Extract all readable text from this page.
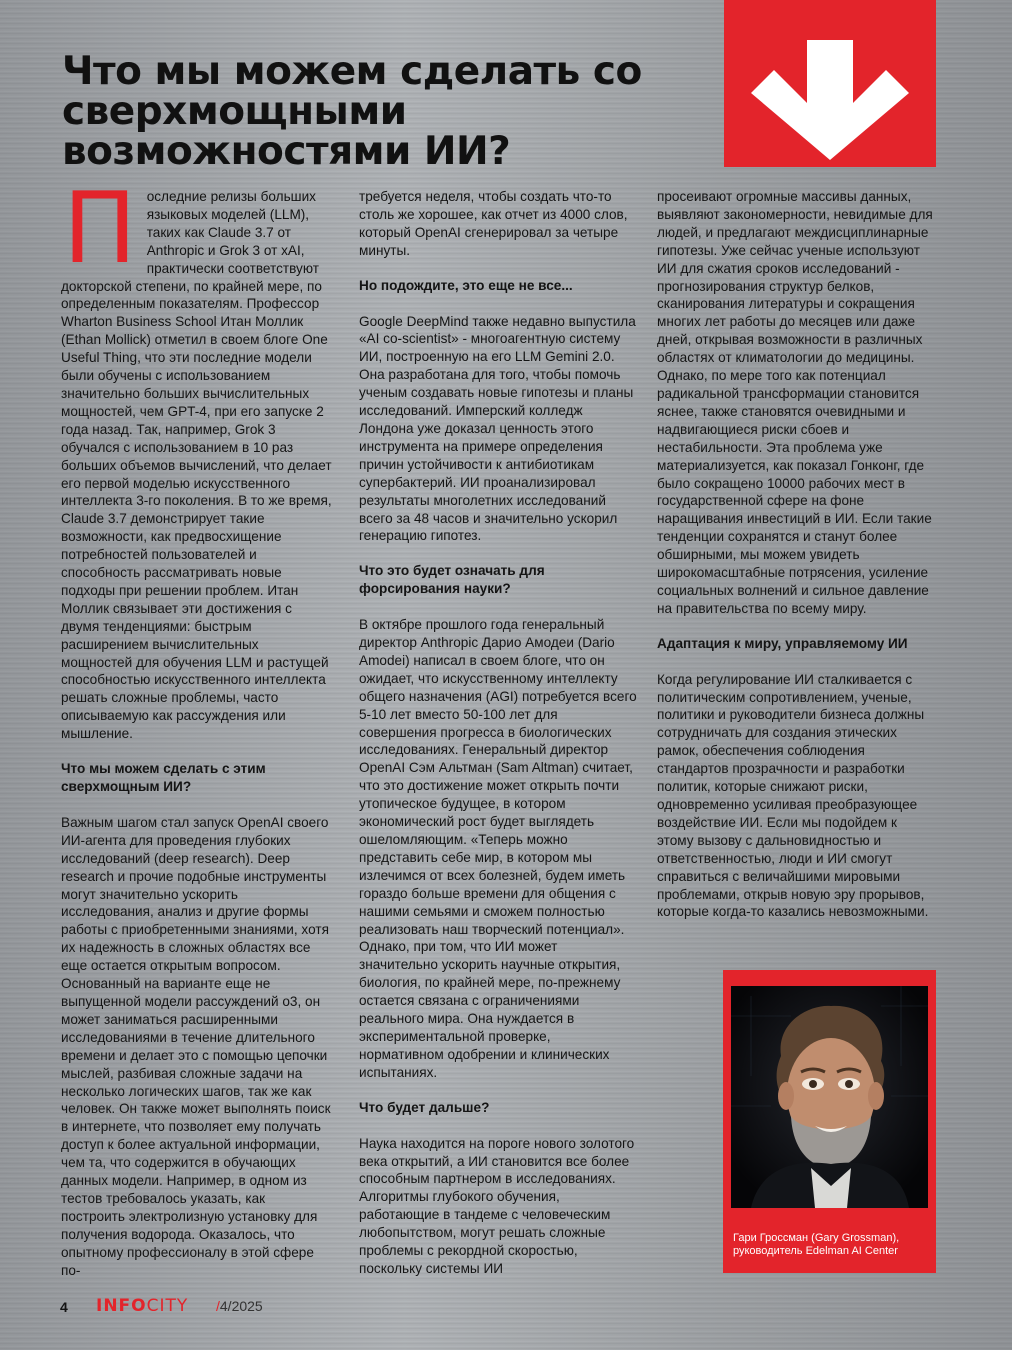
Что мы можем сделать со сверхмощными возможностями ИИ?

Последние релизы больших языковых моделей (LLM), таких как Claude 3.7 от Anthropic и Grok 3 от xAI, практически соответствуют докторской степени, по крайней мере, по определенным показателям. Профессор Wharton Business School Итан Моллик (Ethan Mollick) отметил в своем блоге One Useful Thing, что эти последние модели были обучены с использованием значительно больших вычислительных мощностей, чем GPT-4, при его запуске 2 года назад. Так, например, Grok 3 обучался с использованием в 10 раз больших объемов вычислений, что делает его первой моделью искусственного интеллекта 3-го поколения. В то же время, Claude 3.7 демонстрирует такие возможности, как предвосхищение потребностей пользователей и способность рассматривать новые подходы при решении проблем. Итан Моллик связывает эти достижения с двумя тенденциями: быстрым расширением вычислительных мощностей для обучения LLM и растущей способностью искусственного интеллекта решать сложные проблемы, часто описываемую как рассуждения или мышление.

Что мы можем сделать с этим сверхмощным ИИ?

Важным шагом стал запуск OpenAI своего ИИ-агента для проведения глубоких исследований (deep research). Deep research и прочие подобные инструменты могут значительно ускорить исследования, анализ и другие формы работы с приобретенными знаниями, хотя их надежность в сложных областях все еще остается открытым вопросом. Основанный на варианте еще не выпущенной модели рассуждений o3, он может заниматься расширенными исследованиями в течение длительного времени и делает это с помощью цепочки мыслей, разбивая сложные задачи на несколько логических шагов, так же как человек. Он также может выполнять поиск в интернете, что позволяет ему получать доступ к более актуальной информации, чем та, что содержится в обучающих данных модели. Например, в одном из тестов требовалось указать, как построить электролизную установку для получения водорода. Оказалось, что опытному профессионалу в этой сфере по-

требуется неделя, чтобы создать что-то столь же хорошее, как отчет из 4000 слов, который OpenAI сгенерировал за четыре минуты.

Но подождите, это еще не все...

Google DeepMind также недавно выпустила «AI co-scientist» - многоагентную систему ИИ, построенную на его LLM Gemini 2.0. Она разработана для того, чтобы помочь ученым создавать новые гипотезы и планы исследований. Имперский колледж Лондона уже доказал ценность этого инструмента на примере определения причин устойчивости к антибиотикам супербактерий. ИИ проанализировал результаты многолетних исследований всего за 48 часов и значительно ускорил генерацию гипотез.

Что это будет означать для форсирования науки?

В октябре прошлого года генеральный директор Anthropic Дарио Амодеи (Dario Amodei) написал в своем блоге, что он ожидает, что искусственному интеллекту общего назначения (AGI) потребуется всего 5-10 лет вместо 50-100 лет для совершения прогресса в биологических исследованиях. Генеральный директор OpenAI Сэм Альтман (Sam Altman) считает, что это достижение может открыть почти утопическое будущее, в котором экономический рост будет выглядеть ошеломляющим. «Теперь можно представить себе мир, в котором мы излечимся от всех болезней, будем иметь гораздо больше времени для общения с нашими семьями и сможем полностью реализовать наш творческий потенциал». Однако, при том, что ИИ может значительно ускорить научные открытия, биология, по крайней мере, по-прежнему остается связана с ограничениями реального мира. Она нуждается в экспериментальной проверке, нормативном одобрении и клинических испытаниях.

Что будет дальше?

Наука находится на пороге нового золотого века открытий, а ИИ становится все более способным партнером в исследованиях. Алгоритмы глубокого обучения, работающие в тандеме с человеческим любопытством, могут решать сложные проблемы с рекордной скоростью, поскольку системы ИИ

просеивают огромные массивы данных, выявляют закономерности, невидимые для людей, и предлагают междисциплинарные гипотезы. Уже сейчас ученые используют ИИ для сжатия сроков исследований - прогнозирования структур белков, сканирования литературы и сокращения многих лет работы до месяцев или даже дней, открывая возможности в различных областях от климатологии до медицины. Однако, по мере того как потенциал радикальной трансформации становится яснее, также становятся очевидными и надвигающиеся риски сбоев и нестабильности. Эта проблема уже материализуется, как показал Гонконг, где было сокращено 10000 рабочих мест в государственной сфере на фоне наращивания инвестиций в ИИ. Если такие тенденции сохранятся и станут более обширными, мы можем увидеть широкомасштабные потрясения, усиление социальных волнений и сильное давление на правительства по всему миру.

Адаптация к миру, управляемому ИИ

Когда регулирование ИИ сталкивается с политическим сопротивлением, ученые, политики и руководители бизнеса должны сотрудничать для создания этических рамок, обеспечения соблюдения стандартов прозрачности и разработки политик, которые снижают риски, одновременно усиливая преобразующее воздействие ИИ. Если мы подойдем к этому вызову с дальновидностью и ответственностью, люди и ИИ смогут справиться с величайшими мировыми проблемами, открыв новую эру прорывов, которые когда-то казались невозможными.

Гари Гроссман (Gary Grossman), руководитель Edelman AI Center
4 INFOCITY /4/2025
